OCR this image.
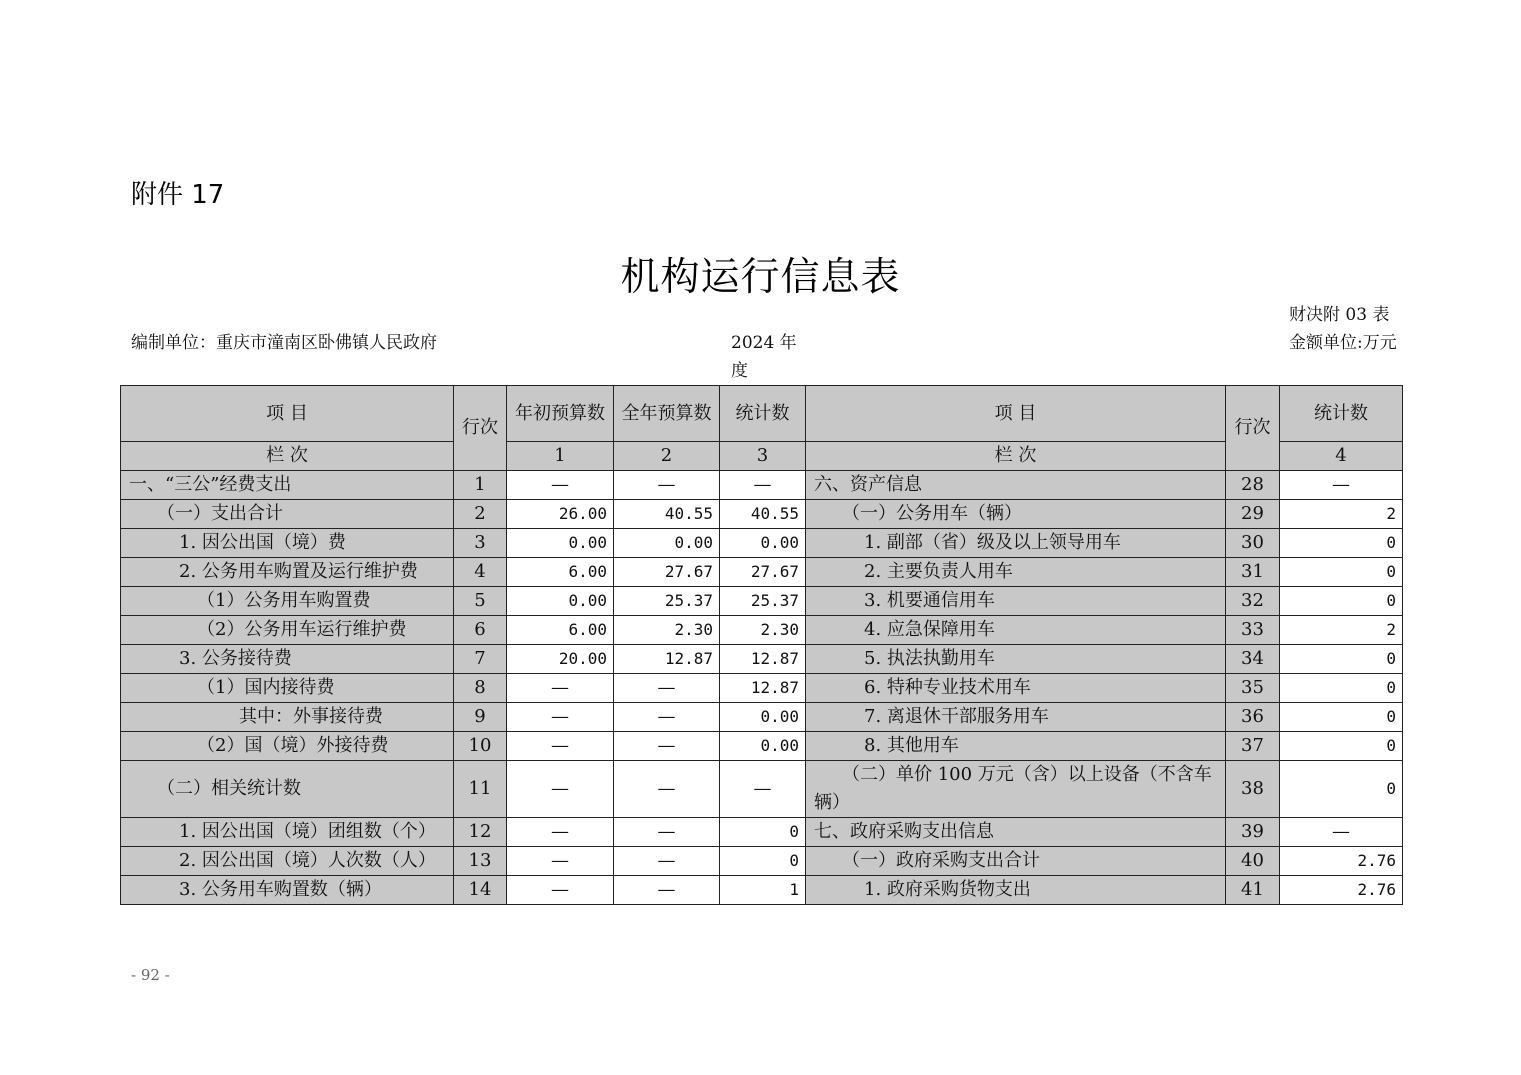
附件 17
机构运行信息表
编制单位：重庆市潼南区卧佛镇人民政府	2024 年度
财决附 03 表
金额单位:万元
项 目	行次	年初预算数	全年预算数	统计数	项 目	行次	统计数
栏 次		1	2	3	栏 次		4
一、“三公”经费支出	1	—	—	—	六、资产信息	28	—
（一）支出合计	2	26.00	40.55	40.55	（一）公务用车（辆）	29	2
1. 因公出国（境）费	3	0.00	0.00	0.00	1. 副部（省）级及以上领导用车	30	0
2. 公务用车购置及运行维护费	4	6.00	27.67	27.67	2. 主要负责人用车	31	0
（1）公务用车购置费	5	0.00	25.37	25.37	3. 机要通信用车	32	0
（2）公务用车运行维护费	6	6.00	2.30	2.30	4. 应急保障用车	33	2
3. 公务接待费	7	20.00	12.87	12.87	5. 执法执勤用车	34	0
（1）国内接待费	8	—	—	12.87	6. 特种专业技术用车	35	0
其中：外事接待费	9	—	—	0.00	7. 离退休干部服务用车	36	0
（2）国（境）外接待费	10	—	—	0.00	8. 其他用车	37	0
（二）相关统计数	11	—	—	—	（二）单价 100 万元（含）以上设备（不含车辆）	38	0
1. 因公出国（境）团组数（个）	12	—	—	0	七、政府采购支出信息	39	—
2. 因公出国（境）人次数（人）	13	—	—	0	（一）政府采购支出合计	40	2.76
3. 公务用车购置数（辆）	14	—	—	1	1. 政府采购货物支出	41	2.76
- 92 -
